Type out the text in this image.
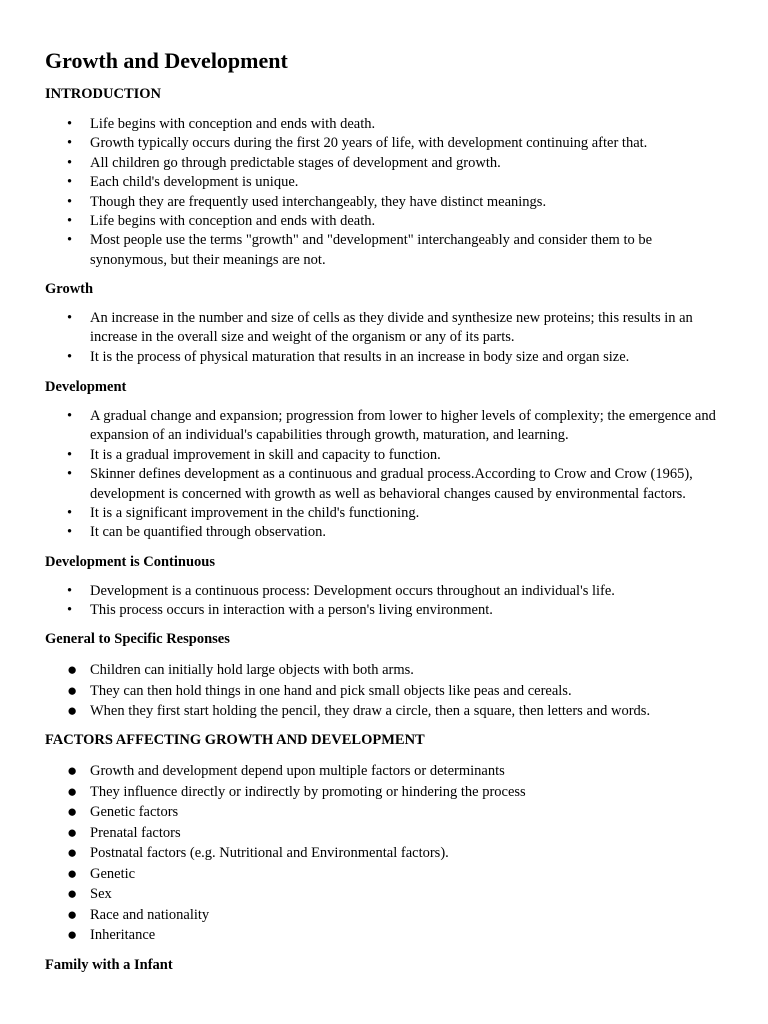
Growth and Development
INTRODUCTION
• Life begins with conception and ends with death.
• Growth typically occurs during the first 20 years of life, with development continuing after that.
• All children go through predictable stages of development and growth.
• Each child's development is unique.
• Though they are frequently used interchangeably, they have distinct meanings.
• Life begins with conception and ends with death.
• Most people use the terms "growth" and "development" interchangeably and consider them to be synonymous, but their meanings are not.
Growth
• An increase in the number and size of cells as they divide and synthesize new proteins; this results in an increase in the overall size and weight of the organism or any of its parts.
• It is the process of physical maturation that results in an increase in body size and organ size.
Development
• A gradual change and expansion; progression from lower to higher levels of complexity; the emergence and expansion of an individual's capabilities through growth, maturation, and learning.
• It is a gradual improvement in skill and capacity to function.
• Skinner defines development as a continuous and gradual process.According to Crow and Crow (1965), development is concerned with growth as well as behavioral changes caused by environmental factors.
• It is a significant improvement in the child's functioning.
• It can be quantified through observation.
Development is Continuous
• Development is a continuous process: Development occurs throughout an individual's life.
• This process occurs in interaction with a person's living environment.
General to Specific Responses
● Children can initially hold large objects with both arms.
● They can then hold things in one hand and pick small objects like peas and cereals.
● When they first start holding the pencil, they draw a circle, then a square, then letters and words.
FACTORS AFFECTING GROWTH AND DEVELOPMENT
● Growth and development depend upon multiple factors or determinants
● They influence directly or indirectly by promoting or hindering the process
● Genetic factors
● Prenatal factors
● Postnatal factors (e.g. Nutritional and Environmental factors).
● Genetic
● Sex
● Race and nationality
● Inheritance
Family with a Infant
